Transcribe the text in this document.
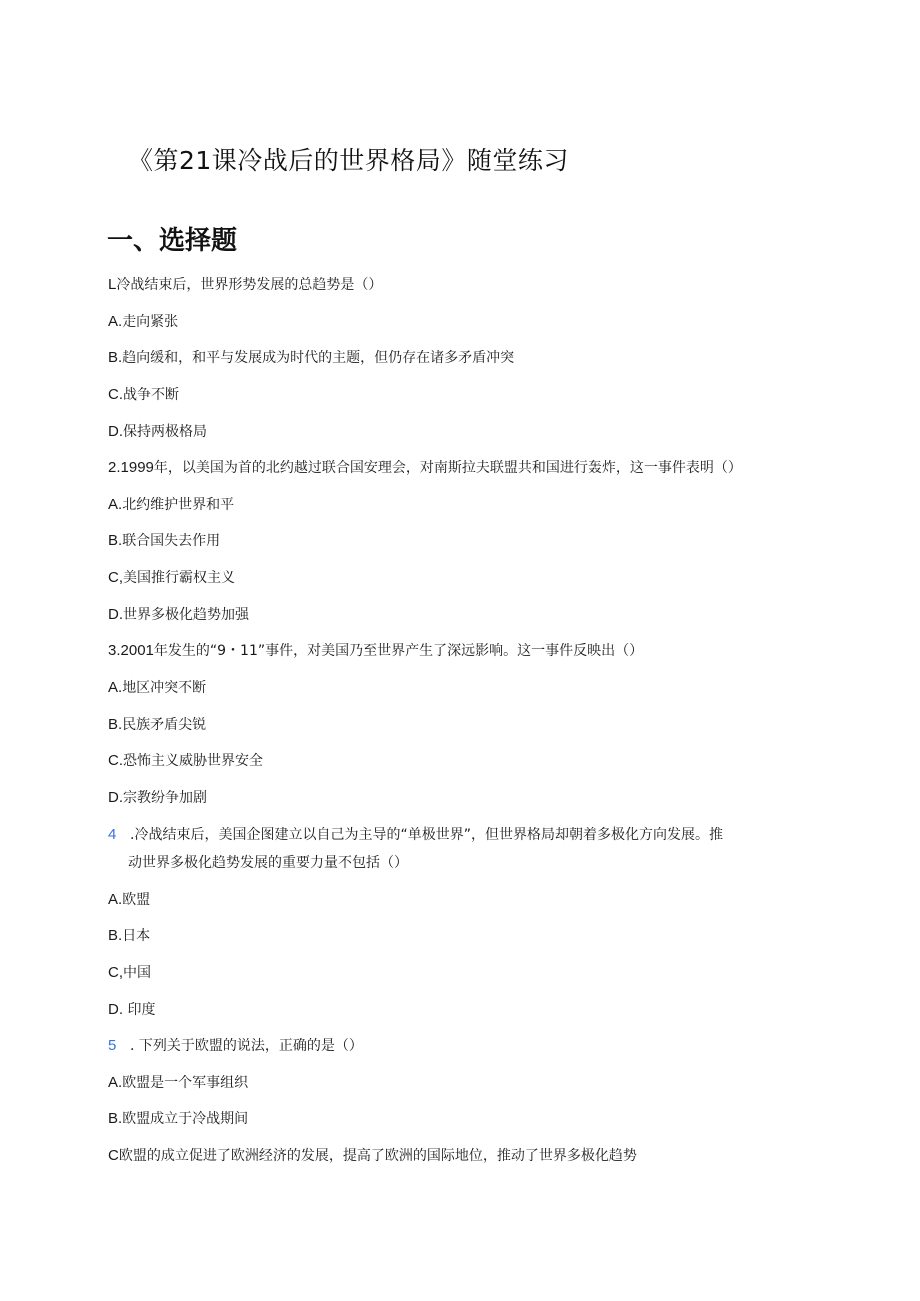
《第21课冷战后的世界格局》随堂练习
一、选择题
L冷战结束后，世界形势发展的总趋势是（）
A.走向紧张
B.趋向缓和，和平与发展成为时代的主题，但仍存在诸多矛盾冲突
C.战争不断
D.保持两极格局
2.1999年，以美国为首的北约越过联合国安理会，对南斯拉夫联盟共和国进行轰炸，这一事件表明（）
A.北约维护世界和平
B.联合国失去作用
C,美国推行霸权主义
D.世界多极化趋势加强
3.2001年发生的“9・11”事件，对美国乃至世界产生了深远影响。这一事件反映出（）
A.地区冲突不断
B.民族矛盾尖锐
C.恐怖主义威胁世界安全
D.宗教纷争加剧
4 .冷战结束后，美国企图建立以自己为主导的“单极世界”，但世界格局却朝着多极化方向发展。推
动世界多极化趋势发展的重要力量不包括（）
A.欧盟
B.日本
C,中国
D. 印度
5 . 下列关于欧盟的说法，正确的是（）
A.欧盟是一个军事组织
B.欧盟成立于冷战期间
C欧盟的成立促进了欧洲经济的发展，提高了欧洲的国际地位，推动了世界多极化趋势
